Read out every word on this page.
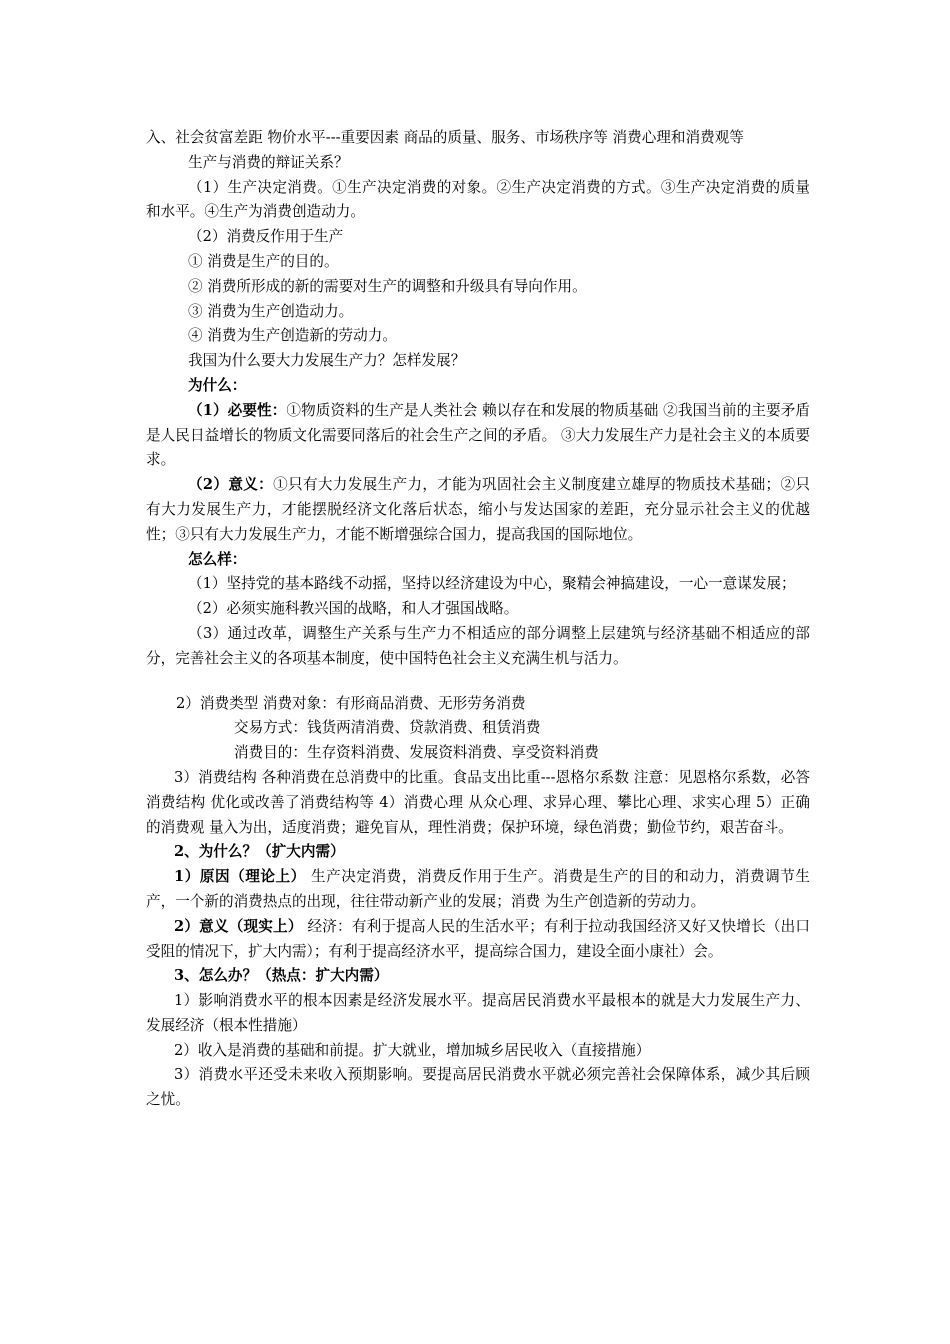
入、社会贫富差距 物价水平---重要因素 商品的质量、服务、市场秩序等 消费心理和消费观等

生产与消费的辩证关系？

（1）生产决定消费。①生产决定消费的对象。②生产决定消费的方式。③生产决定消费的质量和水平。④生产为消费创造动力。

（2）消费反作用于生产

① 消费是生产的目的。

② 消费所形成的新的需要对生产的调整和升级具有导向作用。

③ 消费为生产创造动力。

④ 消费为生产创造新的劳动力。

我国为什么要大力发展生产力？怎样发展？

为什么：

（1）必要性：①物质资料的生产是人类社会 赖以存在和发展的物质基础 ②我国当前的主要矛盾是人民日益增长的物质文化需要同落后的社会生产之间的矛盾。 ③大力发展生产力是社会主义的本质要求。

（2）意义：①只有大力发展生产力，才能为巩固社会主义制度建立雄厚的物质技术基础；②只有大力发展生产力，才能摆脱经济文化落后状态，缩小与发达国家的差距，充分显示社会主义的优越性；③只有大力发展生产力，才能不断增强综合国力，提高我国的国际地位。

怎么样：

（1）坚持党的基本路线不动摇，坚持以经济建设为中心，聚精会神搞建设，一心一意谋发展；

（2）必须实施科教兴国的战略，和人才强国战略。

（3）通过改革，调整生产关系与生产力不相适应的部分调整上层建筑与经济基础不相适应的部分，完善社会主义的各项基本制度，使中国特色社会主义充满生机与活力。

2）消费类型 消费对象：有形商品消费、无形劳务消费

交易方式：钱货两清消费、贷款消费、租赁消费

消费目的：生存资料消费、发展资料消费、享受资料消费

3）消费结构 各种消费在总消费中的比重。食品支出比重---恩格尔系数 注意：见恩格尔系数，必答消费结构 优化或改善了消费结构等 4）消费心理 从众心理、求异心理、攀比心理、求实心理 5）正确的消费观 量入为出，适度消费；避免盲从，理性消费；保护环境，绿色消费；勤俭节约，艰苦奋斗。

2、为什么？（扩大内需）

1）原因（理论上） 生产决定消费，消费反作用于生产。消费是生产的目的和动力，消费调节生产，一个新的消费热点的出现，往往带动新产业的发展；消费 为生产创造新的劳动力。

2）意义（现实上） 经济：有利于提高人民的生活水平；有利于拉动我国经济又好又快增长（出口受阻的情况下，扩大内需）；有利于提高经济水平，提高综合国力，建设全面小康社）会。

3、怎么办？（热点：扩大内需）

1）影响消费水平的根本因素是经济发展水平。提高居民消费水平最根本的就是大力发展生产力、 发展经济（根本性措施）

2）收入是消费的基础和前提。扩大就业，增加城乡居民收入（直接措施）

3）消费水平还受未来收入预期影响。要提高居民消费水平就必须完善社会保障体系，减少其后顾之忧。
